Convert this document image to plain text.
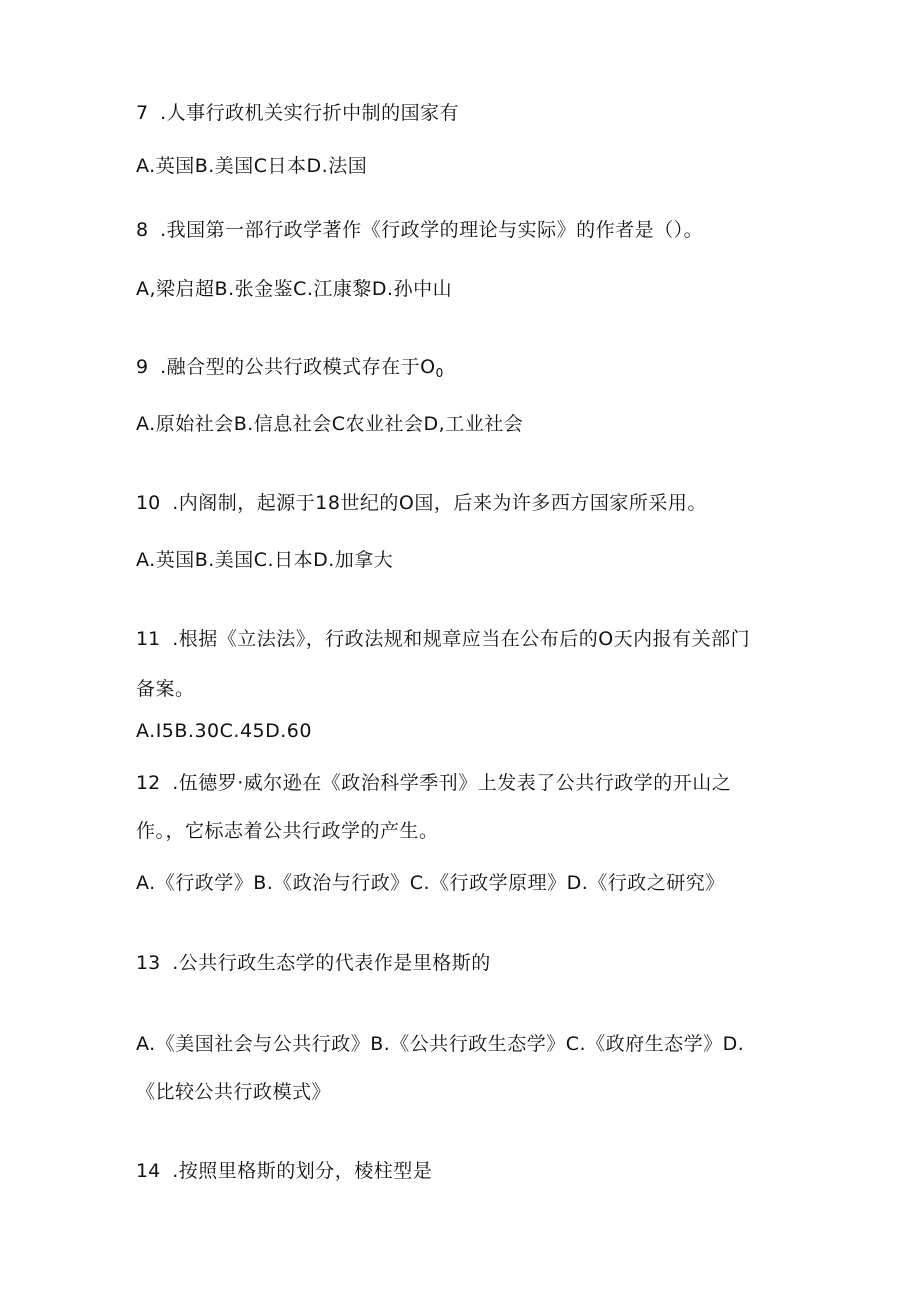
7 .人事行政机关实行折中制的国家有
A.英国B.美国C日本D.法国
8 .我国第一部行政学著作《行政学的理论与实际》的作者是（）。
A,梁启超B.张金鉴C.江康黎D.孙中山
9 .融合型的公共行政模式存在于$O_0$
A.原始社会B.信息社会C农业社会D,工业社会
10 .内阁制，起源于18世纪的O国，后来为许多西方国家所采用。
A.英国B.美国C.日本D.加拿大
11 .根据《立法法》，行政法规和规章应当在公布后的O天内报有关部门
备案。
A.I5B.30C.45D.60
12 .伍德罗·威尔逊在《政治科学季刊》上发表了公共行政学的开山之
作。，它标志着公共行政学的产生。
A.《行政学》B.《政治与行政》C.《行政学原理》D.《行政之研究》
13 .公共行政生态学的代表作是里格斯的
A.《美国社会与公共行政》B.《公共行政生态学》C.《政府生态学》D.
《比较公共行政模式》
14 .按照里格斯的划分，棱柱型是
